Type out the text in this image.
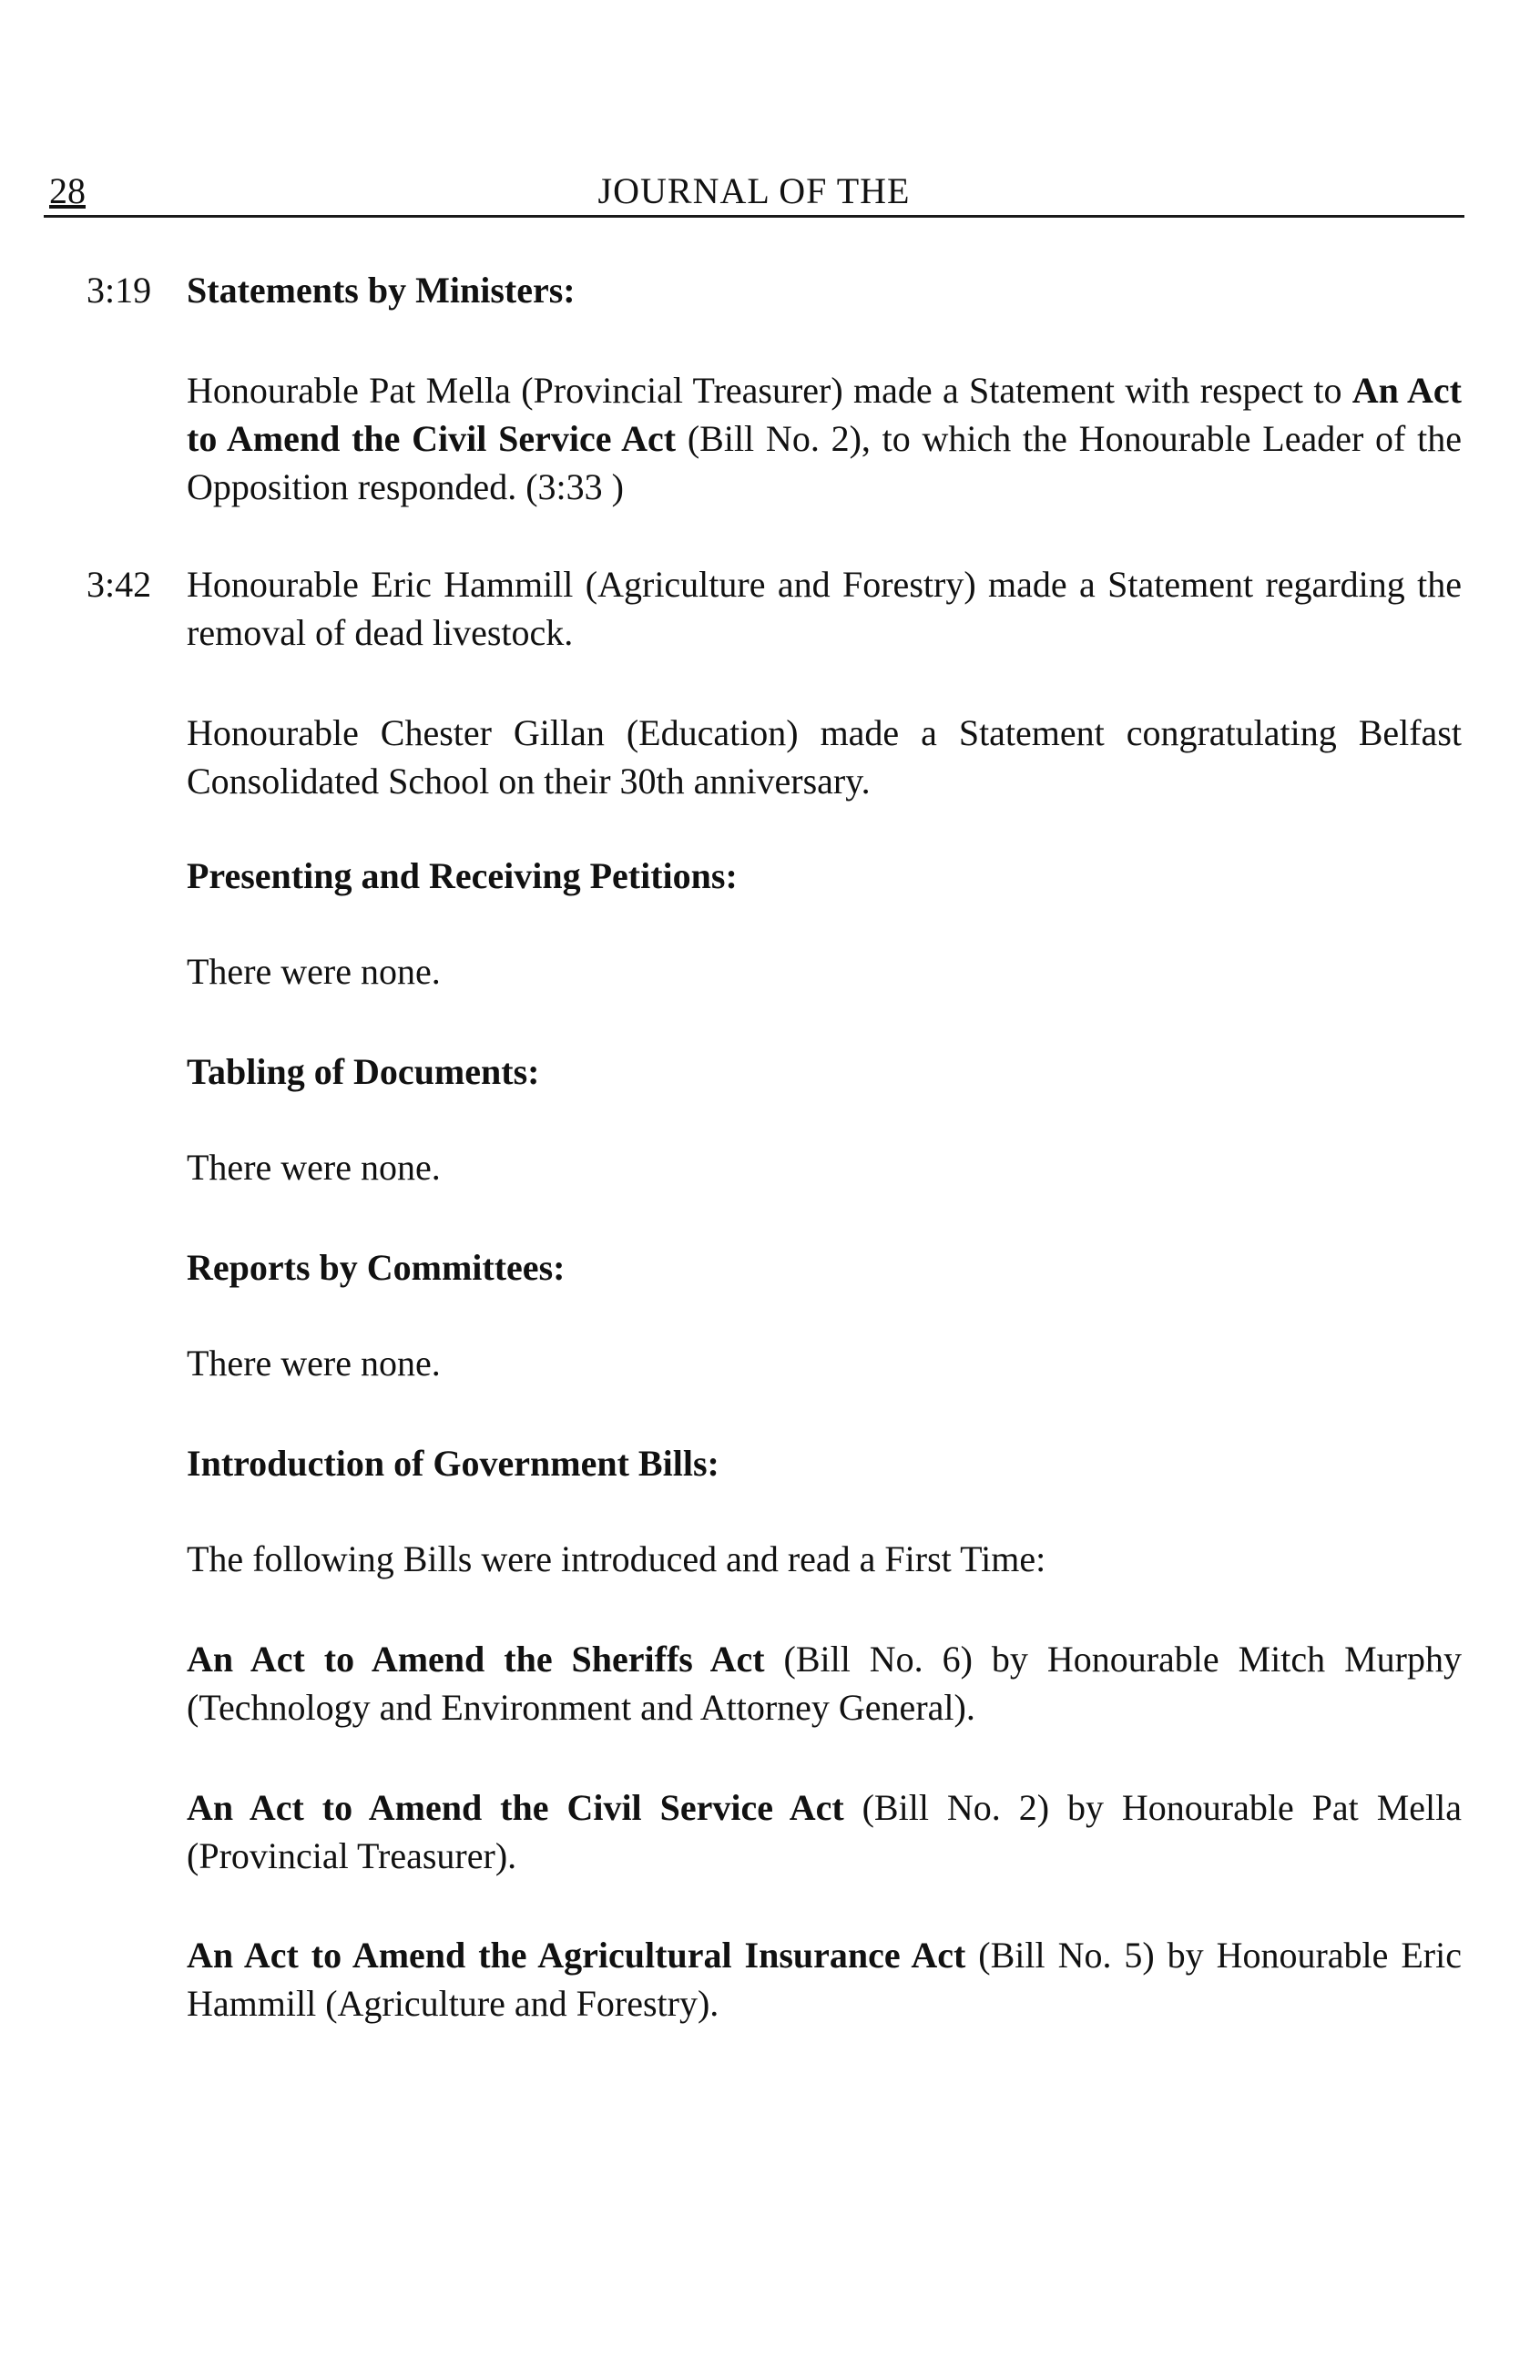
28	JOURNAL OF THE
3:19 Statements by Ministers:

Honourable Pat Mella (Provincial Treasurer) made a Statement with respect to An Act to Amend the Civil Service Act (Bill No. 2), to which the Honourable Leader of the Opposition responded. (3:33 )

3:42 Honourable Eric Hammill (Agriculture and Forestry) made a Statement regarding the removal of dead livestock.

Honourable Chester Gillan (Education) made a Statement congratulating Belfast Consolidated School on their 30th anniversary.

Presenting and Receiving Petitions:
There were none.
Tabling of Documents:
There were none.
Reports by Committees:
There were none.
Introduction of Government Bills:
The following Bills were introduced and read a First Time:

An Act to Amend the Sheriffs Act (Bill No. 6) by Honourable Mitch Murphy (Technology and Environment and Attorney General).

An Act to Amend the Civil Service Act (Bill No. 2) by Honourable Pat Mella (Provincial Treasurer).

An Act to Amend the Agricultural Insurance Act (Bill No. 5) by Honourable Eric Hammill (Agriculture and Forestry).
